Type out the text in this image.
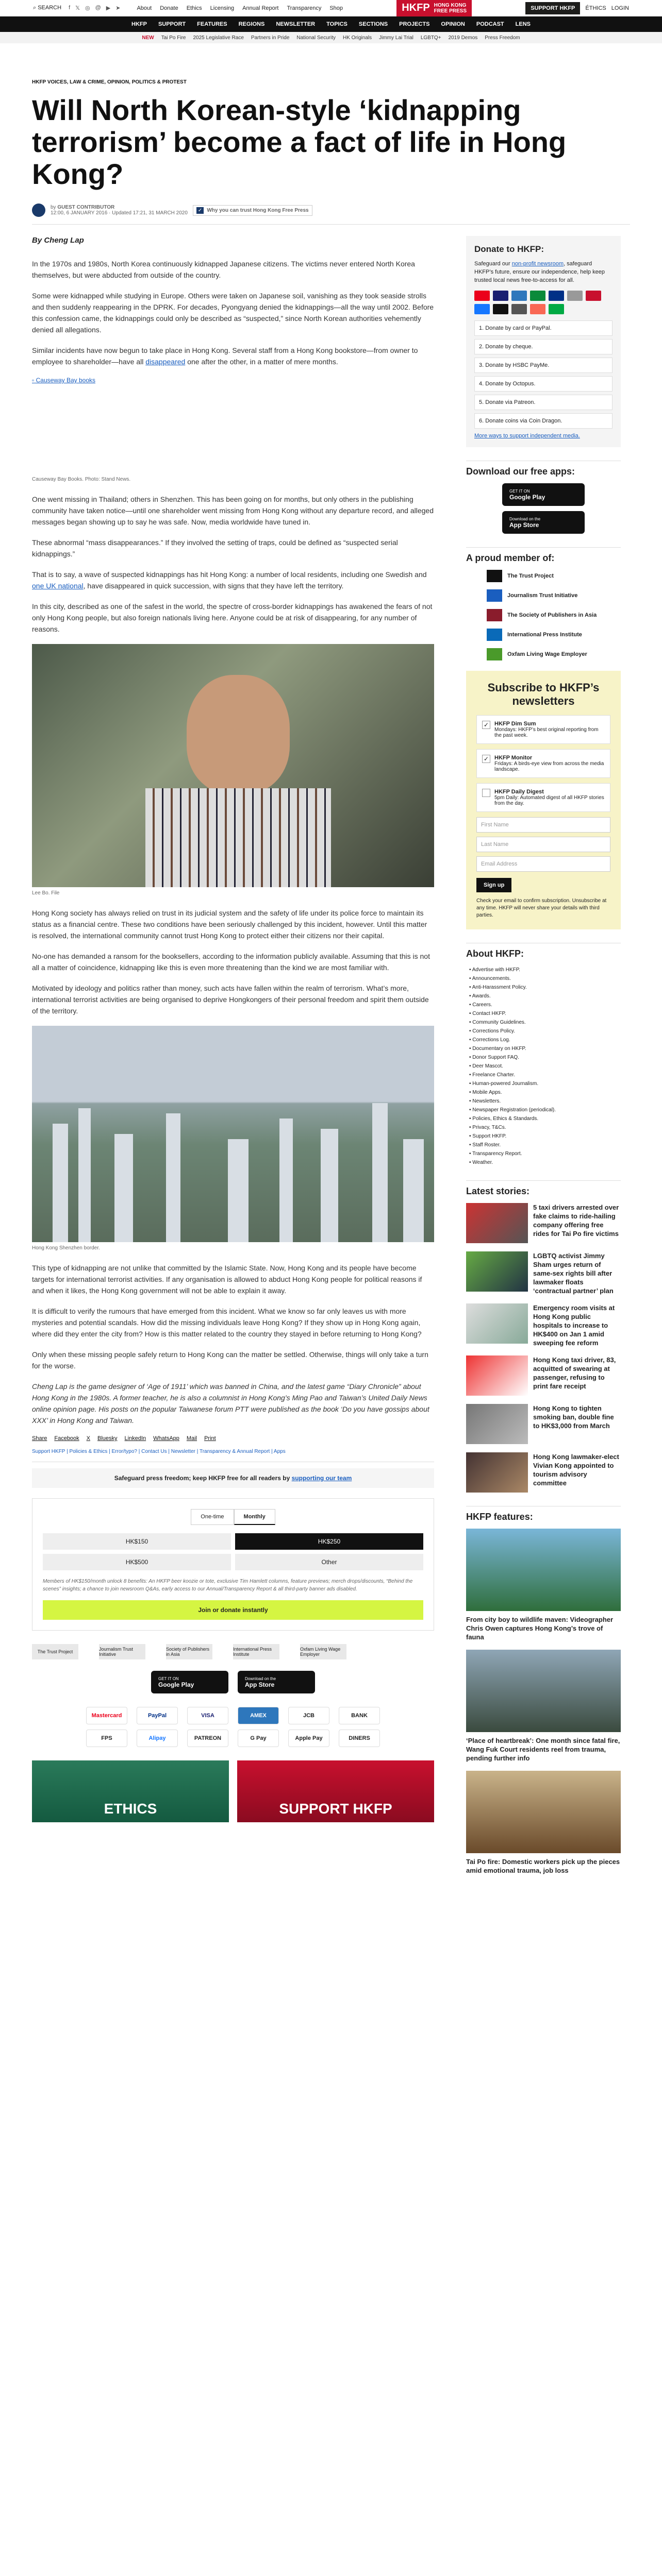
⌕ SEARCH f 𝕏 ◎ @ ▶ ➤	About Donate Ethics Licensing Annual Report Transparency Shop	HKFP HONG KONG
FREE PRESS	SUPPORT HKFP	ÉTHICS LOGIN
HKFP SUPPORT FEATURES REGIONS NEWSLETTER TOPICS SECTIONS PROJECTS OPINION PODCAST LENS
NEW Tai Po Fire 2025 Legislative Race Partners in Pride National Security HK Originals Jimmy Lai Trial LGBTQ+ 2019 Demos Press Freedom
HKFP VOICES, LAW & CRIME, OPINION, POLITICS & PROTEST
Will North Korean-style ‘kidnapping terrorism’ become a fact of life in Hong Kong?
by GUEST CONTRIBUTOR
12:00, 6 JANUARY 2016 · Updated 17:21, 31 MARCH 2020	✓ Why you can trust Hong Kong Free Press
By Cheng Lap

In the 1970s and 1980s, North Korea continuously kidnapped Japanese citizens. The victims never entered North Korea themselves, but were abducted from outside of the country.

Some were kidnapped while studying in Europe. Others were taken on Japanese soil, vanishing as they took seaside strolls and then suddenly reappearing in the DPRK. For decades, Pyongyang denied the kidnappings—all the way until 2002. Before this confession came, the kidnappings could only be described as “suspected,” since North Korean authorities vehemently denied all allegations.

Similar incidents have now begun to take place in Hong Kong. Several staff from a Hong Kong bookstore—from owner to employee to shareholder—have all disappeared one after the other, in a matter of mere months.

▫ Causeway Bay books
Causeway Bay Books. Photo: Stand News.

One went missing in Thailand; others in Shenzhen. This has been going on for months, but only others in the publishing community have taken notice—until one shareholder went missing from Hong Kong without any departure record, and alleged messages began showing up to say he was safe. Now, media worldwide have tuned in.

These abnormal “mass disappearances.” If they involved the setting of traps, could be defined as “suspected serial kidnappings.”

That is to say, a wave of suspected kidnappings has hit Hong Kong: a number of local residents, including one Swedish and one UK national, have disappeared in quick succession, with signs that they have left the territory.

In this city, described as one of the safest in the world, the spectre of cross-border kidnappings has awakened the fears of not only Hong Kong people, but also foreign nationals living here. Anyone could be at risk of disappearing, for any number of reasons.

Lee Bo. File

Hong Kong society has always relied on trust in its judicial system and the safety of life under its police force to maintain its status as a financial centre. These two conditions have been seriously challenged by this incident, however. Until this matter is resolved, the international community cannot trust Hong Kong to protect either their citizens nor their capital.

No-one has demanded a ransom for the booksellers, according to the information publicly available. Assuming that this is not all a matter of coincidence, kidnapping like this is even more threatening than the kind we are most familiar with.

Motivated by ideology and politics rather than money, such acts have fallen within the realm of terrorism. What’s more, international terrorist activities are being organised to deprive Hongkongers of their personal freedom and spirit them outside of the territory.

Hong Kong Shenzhen border.

This type of kidnapping are not unlike that committed by the Islamic State. Now, Hong Kong and its people have become targets for international terrorist activities. If any organisation is allowed to abduct Hong Kong people for political reasons if and when it likes, the Hong Kong government will not be able to explain it away.

It is difficult to verify the rumours that have emerged from this incident. What we know so far only leaves us with more mysteries and potential scandals. How did the missing individuals leave Hong Kong? If they show up in Hong Kong again, where did they enter the city from? How is this matter related to the country they stayed in before returning to Hong Kong?

Only when these missing people safely return to Hong Kong can the matter be settled. Otherwise, things will only take a turn for the worse.

Cheng Lap is the game designer of ‘Age of 1911’ which was banned in China, and the latest game “Diary Chronicle” about Hong Kong in the 1980s. A former teacher, he is also a columnist in Hong Kong’s Ming Pao and Taiwan’s United Daily News online opinion page. His posts on the popular Taiwanese forum PTT were published as the book ‘Do you have gossips about XXX’ in Hong Kong and Taiwan.

Share Facebook X Bluesky LinkedIn WhatsApp Mail Print
Support HKFP | Policies & Ethics | Error/typo? | Contact Us | Newsletter | Transparency & Annual Report | Apps
Safeguard press freedom; keep HKFP free for all readers by supporting our team
One-time	Monthly
HK$150	HK$250
HK$500	Other
Members of HK$150/month unlock 8 benefits: An HKFP beer koozie or tote, exclusive Tim Hamlett columns, feature previews; merch drops/discounts, “Behind the scenes” insights; a chance to join newsroom Q&As, early access to our Annual/Transparency Report & all third-party banner ads disabled.
Join or donate instantly
The Trust Project	Journalism Trust Initiative
Society of Publishers in Asia
International Press Institute
Oxfam Living Wage Employer
GET IT ON
Google Play
Download on the
App Store
Mastercard	PayPal	VISA	AMEX	JCB	BANK
FPS	Alipay	PATREON	G Pay	Apple Pay	DINERS
ETHICS	SUPPORT HKFP
Donate to HKFP:

Safeguard our non-profit newsroom, safeguard HKFP’s future, ensure our independence, help keep trusted local news free-to-access for all.

1. Donate by card or PayPal.
2. Donate by cheque.
3. Donate by HSBC PayMe.
4. Donate by Octopus.
5. Donate via Patreon.
6. Donate coins via Coin Dragon.
More ways to support independent media.
Download our free apps:
GET IT ON
Google Play
Download on the
App Store
A proud member of:
The Trust Project
Journalism Trust Initiative
The Society of Publishers in Asia
International Press Institute
Oxfam Living Wage Employer
Subscribe to HKFP’s newsletters
✓ HKFP Dim Sum
Mondays: HKFP’s best original reporting from the past week.
✓ HKFP Monitor
Fridays: A birds-eye view from across the media landscape.
HKFP Daily Digest
5pm Daily: Automated digest of all HKFP stories from the day.
First Name
Last Name
Email Address
Sign up

Check your email to confirm subscription. Unsubscribe at any time. HKFP will never share your details with third parties.

About HKFP:
• Advertise with HKFP.
• Announcements.
• Anti-Harassment Policy.
• Awards.
• Careers.
• Contact HKFP.
• Community Guidelines.
• Corrections Policy.
• Corrections Log.
• Documentary on HKFP.
• Donor Support FAQ.
• Deer Mascot.
• Freelance Charter.
• Human-powered Journalism.
• Mobile Apps.
• Newsletters.
• Newspaper Registration (periodical).
• Policies, Ethics & Standards.
• Privacy, T&Cs.
• Support HKFP.
• Staff Roster.
• Transparency Report.
• Weather.
Latest stories:
5 taxi drivers arrested over fake claims to ride-hailing company offering free rides for Tai Po fire victims
LGBTQ activist Jimmy Sham urges return of same-sex rights bill after lawmaker floats ‘contractual partner’ plan
Emergency room visits at Hong Kong public hospitals to increase to HK$400 on Jan 1 amid sweeping fee reform
Hong Kong taxi driver, 83, acquitted of swearing at passenger, refusing to print fare receipt
Hong Kong to tighten smoking ban, double fine to HK$3,000 from March
Hong Kong lawmaker-elect Vivian Kong appointed to tourism advisory committee
HKFP features:
From city boy to wildlife maven: Videographer Chris Owen captures Hong Kong’s trove of fauna
‘Place of heartbreak’: One month since fatal fire, Wang Fuk Court residents reel from trauma, pending further info
Tai Po fire: Domestic workers pick up the pieces amid emotional trauma, job loss
